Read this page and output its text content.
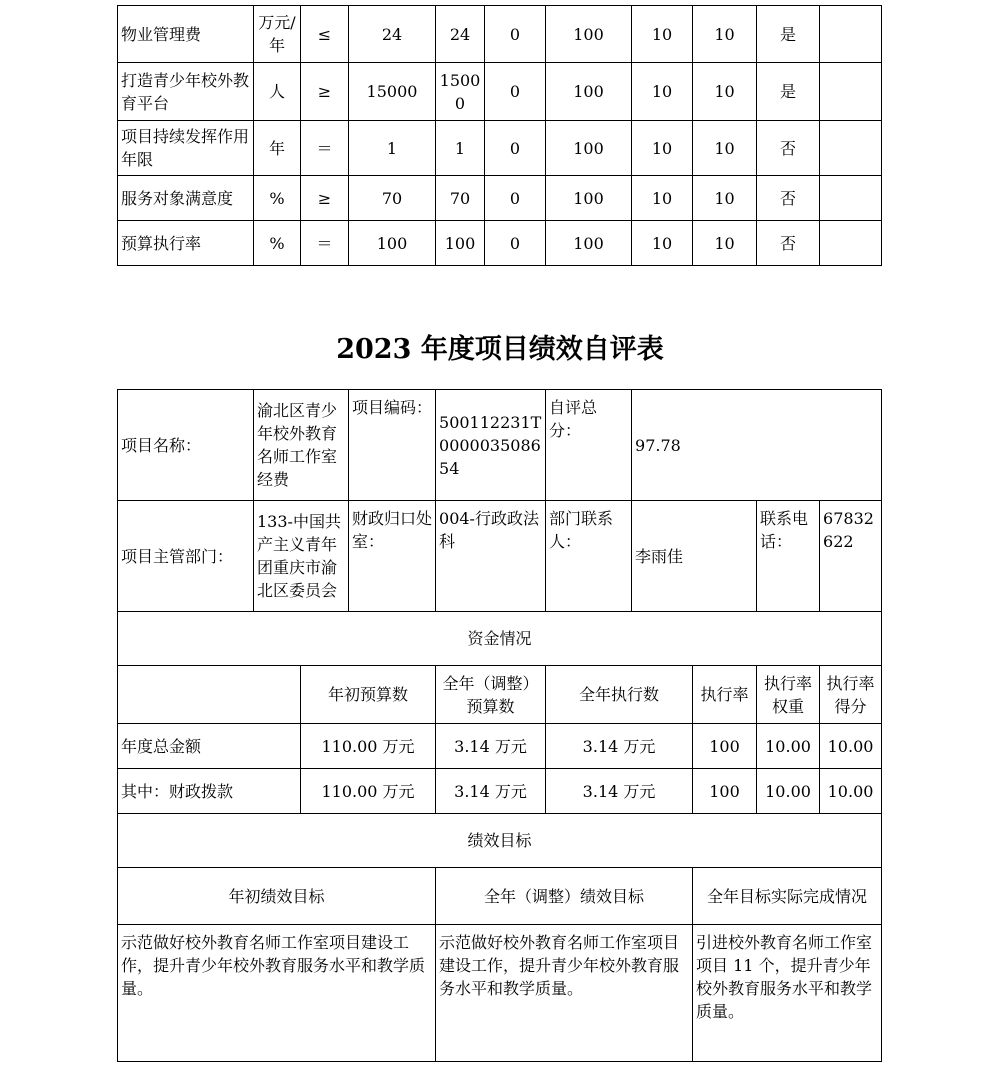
物业管理费	万元/年	≤	24	24	0	100	10	10	是	
打造青少年校外教育平台	人	≥	15000	15000	0	100	10	10	是	
项目持续发挥作用年限	年	＝	1	1	0	100	10	10	否	
服务对象满意度	%	≥	70	70	0	100	10	10	否	
预算执行率	%	＝	100	100	0	100	10	10	否	
2023 年度项目绩效自评表
项目名称：	渝北区青少年校外教育名师工作室经费		项目编码：	500112231T000003508654	自评总分：	97.78			
项目主管部门：	133-中国共产主义青年团重庆市渝北区委员会		财政归口处室：	004-行政政法科	部门联系人：	李雨佳		联系电话：	67832622
资金情况									
		年初预算数		全年（调整）预算数	全年执行数		执行率	执行率权重	执行率得分
年度总金额		110.00 万元		3.14 万元	3.14 万元		100	10.00	10.00
其中：财政拨款		110.00 万元		3.14 万元	3.14 万元		100	10.00	10.00
绩效目标									
年初绩效目标				全年（调整）绩效目标			全年目标实际完成情况		
示范做好校外教育名师工作室项目建设工作，提升青少年校外教育服务水平和教学质量。				示范做好校外教育名师工作室项目建设工作，提升青少年校外教育服务水平和教学质量。			引进校外教育名师工作室项目 11 个，提升青少年校外教育服务水平和教学质量。		
